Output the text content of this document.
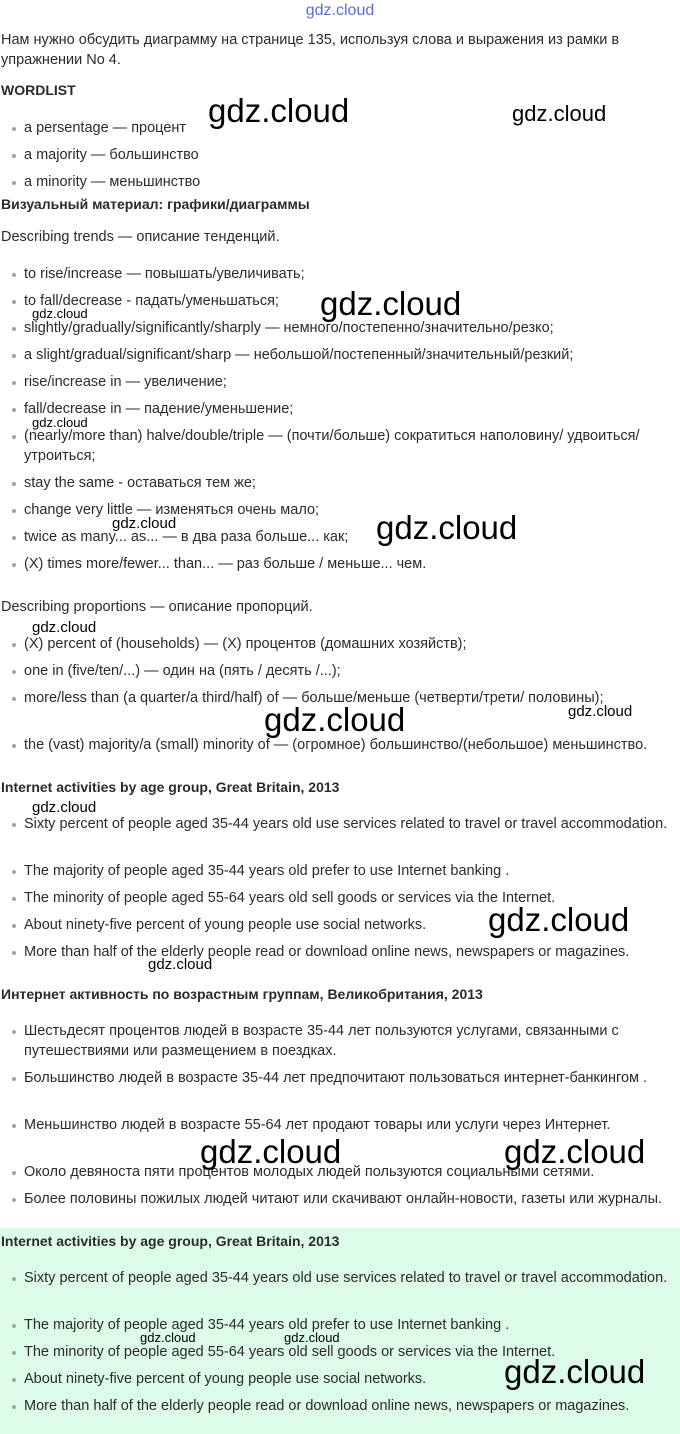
gdz.cloud
Нам нужно обсудить диаграмму на странице 135, используя слова и выражения из рамки в упражнении No 4.
WORDLIST
a persentage — процент
a majority — большинство
a minority — меньшинство
Визуальный материал: графики/диаграммы
Describing trends — описание тенденций.
to rise/increase — повышать/увеличивать;
to fall/decrease - падать/уменьшаться;
slightly/gradually/significantly/sharply — немного/постепенно/значительно/резко;
a slight/gradual/significant/sharp — небольшой/постепенный/значительный/резкий;
rise/increase in — увеличение;
fall/decrease in — падение/уменьшение;
(nearly/more than) halve/double/triple — (почти/больше) сократиться наполовину/ удвоиться/утроиться;
stay the same - оставаться тем же;
change very little — изменяться очень мало;
twice as many... as... — в два раза больше... как;
(X) times more/fewer... than... — раз больше / меньше... чем.
Describing proportions — описание пропорций.
(X) percent of (households) — (X) процентов (домашних хозяйств);
one in (five/ten/...) — один на (пять / десять /...);
more/less than (a quarter/a third/half) of — больше/меньше (четверти/трети/ половины);
the (vast) majority/a (small) minority of — (огромное) большинство/(небольшое) меньшинство.
Internet activities by age group, Great Britain, 2013
Sixty percent of people aged 35-44 years old use services related to travel or travel accommodation.
The majority of people aged 35-44 years old prefer to use Internet banking .
The minority of people aged 55-64 years old sell goods or services via the Internet.
About ninety-five percent of young people use social networks.
More than half of the elderly people read or download online news, newspapers or magazines.
Интернет активность по возрастным группам, Великобритания, 2013
Шестьдесят процентов людей в возрасте 35-44 лет пользуются услугами, связанными с путешествиями или размещением в поездках.
Большинство людей в возрасте 35-44 лет предпочитают пользоваться интернет-банкингом .
Меньшинство людей в возрасте 55-64 лет продают товары или услуги через Интернет.
Около девяноста пяти процентов молодых людей пользуются социальными сетями.
Более половины пожилых людей читают или скачивают онлайн-новости, газеты или журналы.
Internet activities by age group, Great Britain, 2013
Sixty percent of people aged 35-44 years old use services related to travel or travel accommodation.
The majority of people aged 35-44 years old prefer to use Internet banking .
The minority of people aged 55-64 years old sell goods or services via the Internet.
About ninety-five percent of young people use social networks.
More than half of the elderly people read or download online news, newspapers or magazines.
gdz.cloud	gdz.cloud
gdz.cloud
gdz.cloud
gdz.cloud
gdz.cloud	gdz.cloud
gdz.cloud
gdz.cloud	gdz.cloud
gdz.cloud
gdz.cloud
gdz.cloud
gdz.cloud	gdz.cloud
gdz.cloud	gdz.cloud
gdz.cloud
